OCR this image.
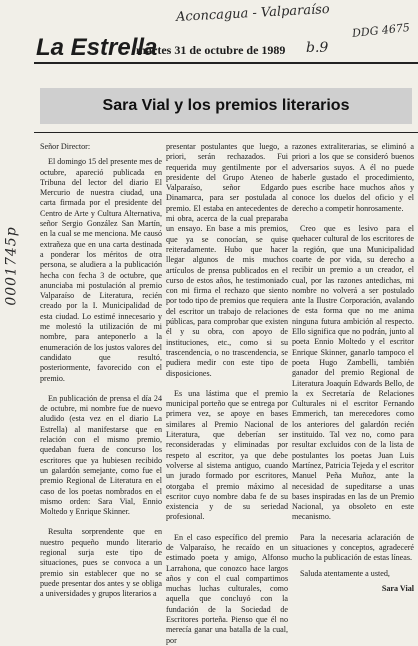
Aconcagua - Valparaíso
DDG 4675
b.9
0001745p
La Estrella
martes 31 de octubre de 1989
Sara Vial y los premios literarios

Señor Director:

El domingo 15 del presente mes de octubre, apareció publicada en Tribuna del lector del diario El Mercurio de nuestra ciudad, una carta firmada por el presidente del Centro de Arte y Cultura Alternativa, señor Sergio González San Martín, en la cual se me menciona. Me causó extrañeza que en una carta destinada a ponderar los méritos de otra persona, se aludiera a la publicación hecha con fecha 3 de octubre, que anunciaba mi postulación al premio Valparaíso de Literatura, recién creado por la I. Municipalidad de esta ciudad. Lo estimé innecesario y me molestó la utilización de mi nombre, para anteponerlo a la enumeración de los justos valores del candidato que resultó, posteriormente, favorecido con el premio.

En publicación de prensa el día 24 de octubre, mi nombre fue de nuevo aludido (esta vez en el diario La Estrella) al manifestarse que en relación con el mismo premio, quedaban fuera de concurso los escritores que ya hubiesen recibido un galardón semejante, como fue el premio Regional de Literatura en el caso de los poetas nombrados en el mismo orden: Sara Vial, Ennio Moltedo y Enrique Skinner.

Resulta sorprendente que en nuestro pequeño mundo literario regional surja este tipo de situaciones, pues se convoca a un premio sin establecer que no se puede presentar dos antes y se obliga a universidades y grupos literarios a

presentar postulantes que luego, a priori, serán rechazados. Fui requerida muy gentilmente por el presidente del Grupo Ateneo de Valparaíso, señor Edgardo Dinamarca, para ser postulada al premio. El estaba en antecedentes de mi obra, acerca de la cual preparaba un ensayo. En base a mis premios, que ya se conocían, se quise reiteradamente. Hubo que hacer llegar algunos de mis muchos artículos de prensa publicados en el curso de estos años, he testimoniado con mi firma el rechazo que siento por todo tipo de premios que requiera del escritor un trabajo de relaciones públicas, para comprobar que existen él y su obra, con apoyo de instituciones, etc., como si su trascendencia, o no trascendencia, se pudiera medir con este tipo de disposiciones.

Es una lástima que el premio municipal porteño que se entrega por primera vez, se apoye en bases similares al Premio Nacional de Literatura, que deberían ser reconsideradas y eliminadas por respeto al escritor, ya que debe volverse al sistema antiguo, cuando un jurado formado por escritores, otorgaba el premio máximo al escritor cuyo nombre daba fe de su existencia y de su seriedad profesional.

En el caso específico del premio de Valparaíso, he recaído en un estimado poeta y amigo, Alfonso Larrahona, que conozco hace largos años y con el cual compartimos muchas luchas culturales, como aquella que concluyó con la fundación de la Sociedad de Escritores porteña. Pienso que él no merecía ganar una batalla de la cual, por

razones extraliterarias, se eliminó a priori a los que se consideró buenos adversarios suyos. A él no puede haberle gustado el procedimiento, pues escribe hace muchos años y conoce los duelos del oficio y el derecho a competir honrosamente.

Creo que es lesivo para el quehacer cultural de los escritores de la región, que una Municipalidad coarte de por vida, su derecho a recibir un premio a un creador, el cual, por las razones antedichas, mi nombre no volverá a ser postulado ante la Ilustre Corporación, avalando de esta forma que no me anima ninguna futura ambición al respecto. Ello significa que no podrán, junto al poeta Ennio Moltedo y el escritor Enrique Skinner, ganarlo tampoco el poeta Hugo Zambelli, también ganador del premio Regional de Literatura Joaquín Edwards Bello, de la ex Secretaría de Relaciones Culturales ni el escritor Fernando Emmerich, tan merecedores como los anteriores del galardón recién instituido. Tal vez no, como para resultar excluidos con de la lista de postulantes los poetas Juan Luis Martínez, Patricia Tejeda y el escritor Manuel Peña Muñoz, ante la necesidad de supeditarse a unas bases inspiradas en las de un Premio Nacional, ya obsoleto en este mecanismo.

Para la necesaria aclaración de situaciones y conceptos, agradeceré mucho la publicación de estas líneas.

Saluda atentamente a usted,

Sara Vial
